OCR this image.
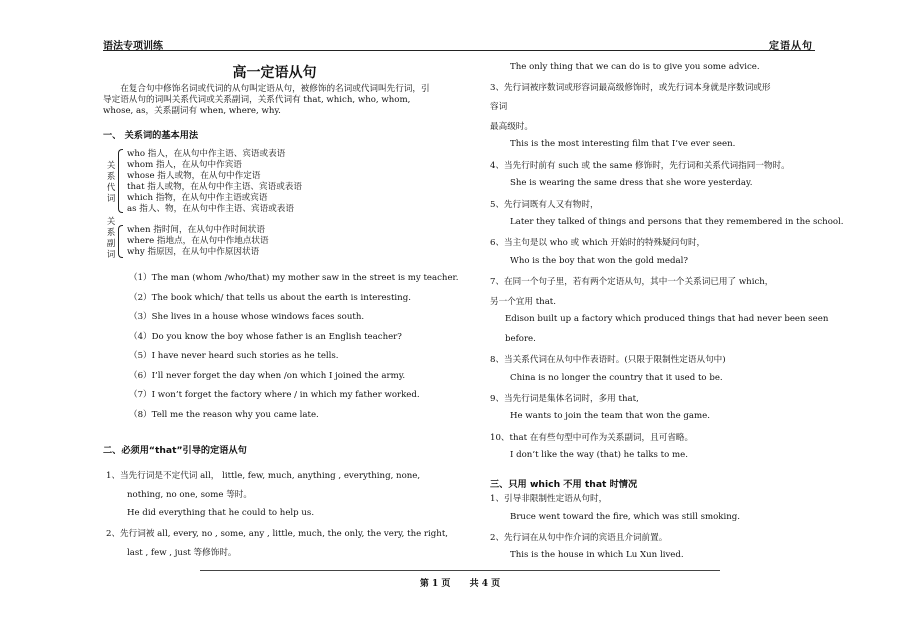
语法专项训练	定语从句
高一定语从句
在复合句中修饰名词或代词的从句叫定语从句，被修饰的名词或代词叫先行词，引导定语从句的词叫关系代词或关系副词，关系代词有 that, which, who, whom, whose, as，关系副词有 when, where, why.
一、 关系词的基本用法
关系代词
who 指人，在从句中作主语、宾语或表语
whom 指人，在从句中作宾语
whose 指人或物，在从句中作定语
that 指人或物，在从句中作主语、宾语或表语
which 指物，在从句中作主语或宾语
as 指人、物，在从句中作主语、宾语或表语
关系副词
when 指时间，在从句中作时间状语
where 指地点，在从句中作地点状语
why 指原因，在从句中作原因状语
（1）The man (whom /who/that) my mother saw in the street is my teacher.
（2）The book which/ that tells us about the earth is interesting.
（3）She lives in a house whose windows faces south.
（4）Do you know the boy whose father is an English teacher?
（5）I have never heard such stories as he tells.
（6）I’ll never forget the day when /on which I joined the army.
（7）I won’t forget the factory where / in which my father worked.
（8）Tell me the reason why you came late.
二、必须用“that”引导的定语从句
1、当先行词是不定代词 all， little, few, much, anything , everything, none,
nothing, no one, some 等时。
He did everything that he could to help us.
2、先行词被 all, every, no , some, any , little, much, the only, the very, the right,
last , few , just 等修饰时。
The only thing that we can do is to give you some advice.
3、先行词被序数词或形容词最高级修饰时，或先行词本身就是序数词或形
容词
最高级时。
This is the most interesting film that I’ve ever seen.
4、当先行时前有 such 或 the same 修饰时，先行词和关系代词指同一物时。
She is wearing the same dress that she wore yesterday.
5、先行词既有人又有物时，
Later they talked of things and persons that they remembered in the school.
6、当主句是以 who 或 which 开始时的特殊疑问句时，
Who is the boy that won the gold medal?
7、在同一个句子里，若有两个定语从句，其中一个关系词已用了 which，
另一个宜用 that.
Edison built up a factory which produced things that had never been seen
before.
8、当关系代词在从句中作表语时。(只限于限制性定语从句中)
China is no longer the country that it used to be.
9、当先行词是集体名词时，多用 that,
He wants to join the team that won the game.
10、that 在有些句型中可作为关系副词，且可省略。
I don’t like the way (that) he talks to me.
三、只用 which 不用 that 时情况
1、引导非限制性定语从句时，
Bruce went toward the fire, which was still smoking.
2、先行词在从句中作介词的宾语且介词前置。
This is the house in which Lu Xun lived.
第 1 页 共 4 页
